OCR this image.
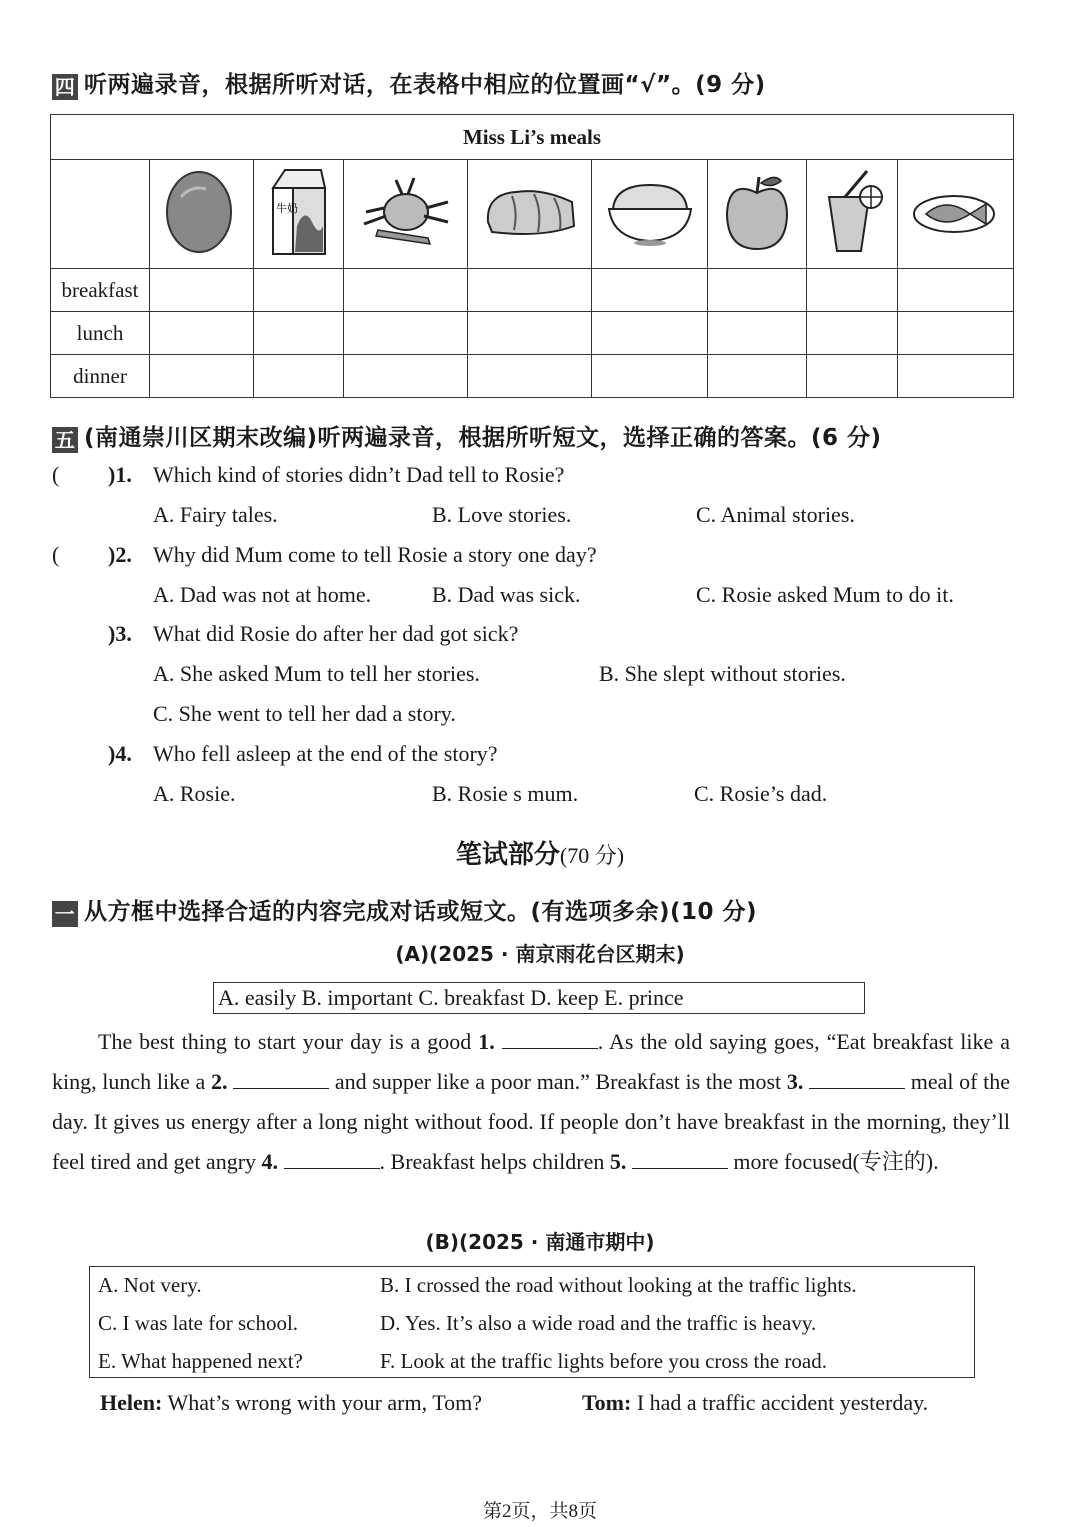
四 听两遍录音，根据所听对话，在表格中相应的位置画“√”。(9 分)
Miss Li’s meals								

牛奶

breakfast								
lunch								
dinner								
五 (南通崇川区期末改编)听两遍录音，根据所听短文，选择正确的答案。(6 分)
( )1. Which kind of stories didn’t Dad tell to Rosie?
A. Fairy tales.	B. Love stories.	C. Animal stories.
( )2. Why did Mum come to tell Rosie a story one day?
A. Dad was not at home.	B. Dad was sick.	C. Rosie asked Mum to do it.
)3. What did Rosie do after her dad got sick?
A. She asked Mum to tell her stories.	B. She slept without stories.
C. She went to tell her dad a story.
)4. Who fell asleep at the end of the story?
A. Rosie.	B. Rosie s mum.	C. Rosie’s dad.
笔试部分(70 分)
一 从方框中选择合适的内容完成对话或短文。(有选项多余)(10 分)
(A)(2025 · 南京雨花台区期末)
A. easily B. important C. breakfast D. keep E. prince
The best thing to start your day is a good 1.	. As the old saying goes, “Eat breakfast like a king, lunch like a 2.	and supper like a poor man.” Breakfast is the most 3.	meal of the day. It gives us energy after a long night without food. If people don’t have breakfast in the morning, they’ll feel tired and get angry 4.	. Breakfast helps children 5.	more focused(专注的).
(B)(2025 · 南通市期中)
A. Not very.	B. I crossed the road without looking at the traffic lights.
C. I was late for school.	D. Yes. It’s also a wide road and the traffic is heavy.
E. What happened next?	F. Look at the traffic lights before you cross the road.
Helen: What’s wrong with your arm, Tom?	Tom: I had a traffic accident yesterday.
第2页，共8页
